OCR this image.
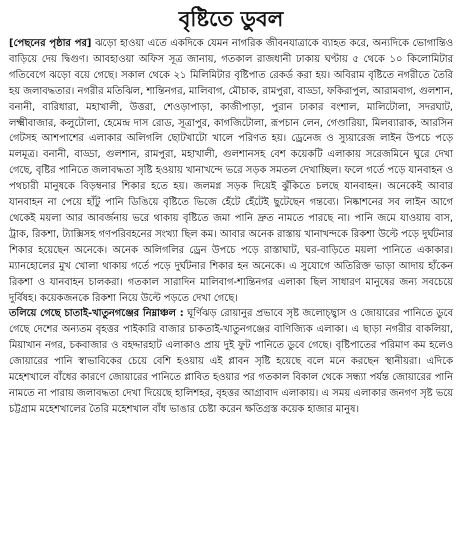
বৃষ্টিতে ডুবল

[পেছনের পৃষ্ঠার পর] ঝড়ো হাওয়া এতে একদিকে যেমন নাগরিক জীবনযাত্রাকে ব্যাহত করে, অন্যদিকে ভোগান্তিও বাড়িয়ে দেয় দ্বিগুণ। আবহাওয়া অফিস সূত্র জানায়, গতকাল রাজধানী ঢাকায় ঘণ্টায় ৫ থেকে ১০ কিলোমিটার গতিবেগে ঝড়ো বয়ে গেছে। সকাল থেকে ২১ মিলিমিটার বৃষ্টিপাত রেকর্ড করা হয়। অবিরাম বৃষ্টিতে নগরীতে তৈরি হয় জলাবদ্ধতার। নগরীর মতিঝিল, শান্তিনগর, মালিবাগ, মৌচাক, রামপুরা, বাড্ডা, ফকিরাপুল, আরামবাগ, গুলশান, বনানী, বারিধারা, মহাখালী, উত্তরা, শেওড়াপাড়া, কাজীপাড়া, পুরান ঢাকার বংশাল, মালিটোলা, সদরঘাট, লক্ষ্মীবাজার, কলুটোলা, হেমেন্দ্র দাস রোড, সূত্রাপুর, কাগজিটোলা, রূপচান লেন, গেণ্ডারিয়া, মিলব্যারাক, আরসিন গেটসহ আশপাশের এলাকার অলিগলি ছোটখাটো খালে পরিণত হয়। ড্রেনেজ ও স্যুয়ারেজ লাইন উপচে পড়ে মলমূত্র। বনানী, বাড্ডা, গুলশান, রামপুরা, মহাখালী, গুলশানসহ বেশ কয়েকটি এলাকায় সরেজমিনে ঘুরে দেখা গেছে, বৃষ্টির পানিতে জলাবদ্ধতা সৃষ্টি হওয়ায় খানাখন্দে ভরে সড়ক সমতল দেখাচ্ছিল। ফলে গর্তে পড়ে যানবাহন ও পথচারী মানুষকে বিড়ম্বনার শিকার হতে হয়। জলমগ্ন সড়ক দিয়েই ঝুঁকিতে চলছে যানবাহন। অনেকেই আবার যানবাহন না পেয়ে হাঁটু পানি ডিঙিয়ে বৃষ্টিতে ভিজে হেঁটে হেঁটেই ছুটেছেন গন্তব্যে। নিষ্কাশনের সব লাইন আগে থেকেই ময়লা আর আবর্জনায় ভরে থাকায় বৃষ্টিতে জমা পানি দ্রুত নামতে পারছে না। পানি জমে যাওয়ায় বাস, ট্রাক, রিকশা, ট্যাক্সিসহ গণপরিবহনের সংখ্যা ছিল কম। আবার অনেক রাস্তায় খানাখন্দকে রিকশা উল্টে পড়ে দুর্ঘটনার শিকার হয়েছেন অনেকে। অনেক অলিগলির ড্রেন উপচে পড়ে রাস্তাঘাট, ঘর-বাড়িতে ময়লা পানিতে একাকার। ম্যানহোলের মুখ খোলা থাকায় গর্তে পড়ে দুর্ঘটনার শিকার হন অনেকে। এ সুযোগে অতিরিক্ত ভাড়া আদায় হাঁকেন রিকশা ও যানবাহন চালকরা। গতকাল সারাদিন মালিবাগ-শান্তিনগর এলাকা ছিল সাধারণ মানুষের জন্য সবচেয়ে দুর্বিষহ। কয়েকজনকে রিকশা নিয়ে উল্টে পড়তে দেখা গেছে।

তলিয়ে গেছে চাতাই-খাতুনগঞ্জের নিম্নাঞ্চল : ঘূর্ণিঝড় রোয়ানুর প্রভাবে সৃষ্ট জলোচ্ছ্বাস ও জোয়ারের পানিতে ডুবে গেছে দেশের অন্যতম বৃহত্তর পাইকারি বাজার চাকতাই-খাতুনগঞ্জের বাণিজ্যিক এলাকা। এ ছাড়া নগরীর বাকলিয়া, মিয়াখান নগর, চকবাজার ও বহদ্দারহাট এলাকাও প্রায় দুই ফুট পানিতে ডুবে গেছে। বৃষ্টিপাতের পরিমাণ কম হলেও জোয়ারের পানি স্বাভাবিকের চেয়ে বেশি হওয়ায় এই প্লাবন সৃষ্টি হয়েছে বলে মনে করছেন স্থানীয়রা। এদিকে মহেশখালে বাঁধের কারণে জোয়ারের পানিতে প্লাবিত হওয়ার পর গতকাল বিকাল থেকে সন্ধ্যা পর্যন্ত জোয়ারের পানি নামতে না পারায় জলাবদ্ধতা দেখা দিয়েছে হালিশহর, বৃহত্তর আগ্রাবাদ এলাকায়। এ সময় এলাকার জনগণ সৃষ্ট ভয়ে চট্টগ্রাম মহেশখালের তৈরি মহেশখাল বাঁধ ভাঙার চেষ্টা করেন ক্ষতিগ্রস্ত কয়েক হাজার মানুষ।
